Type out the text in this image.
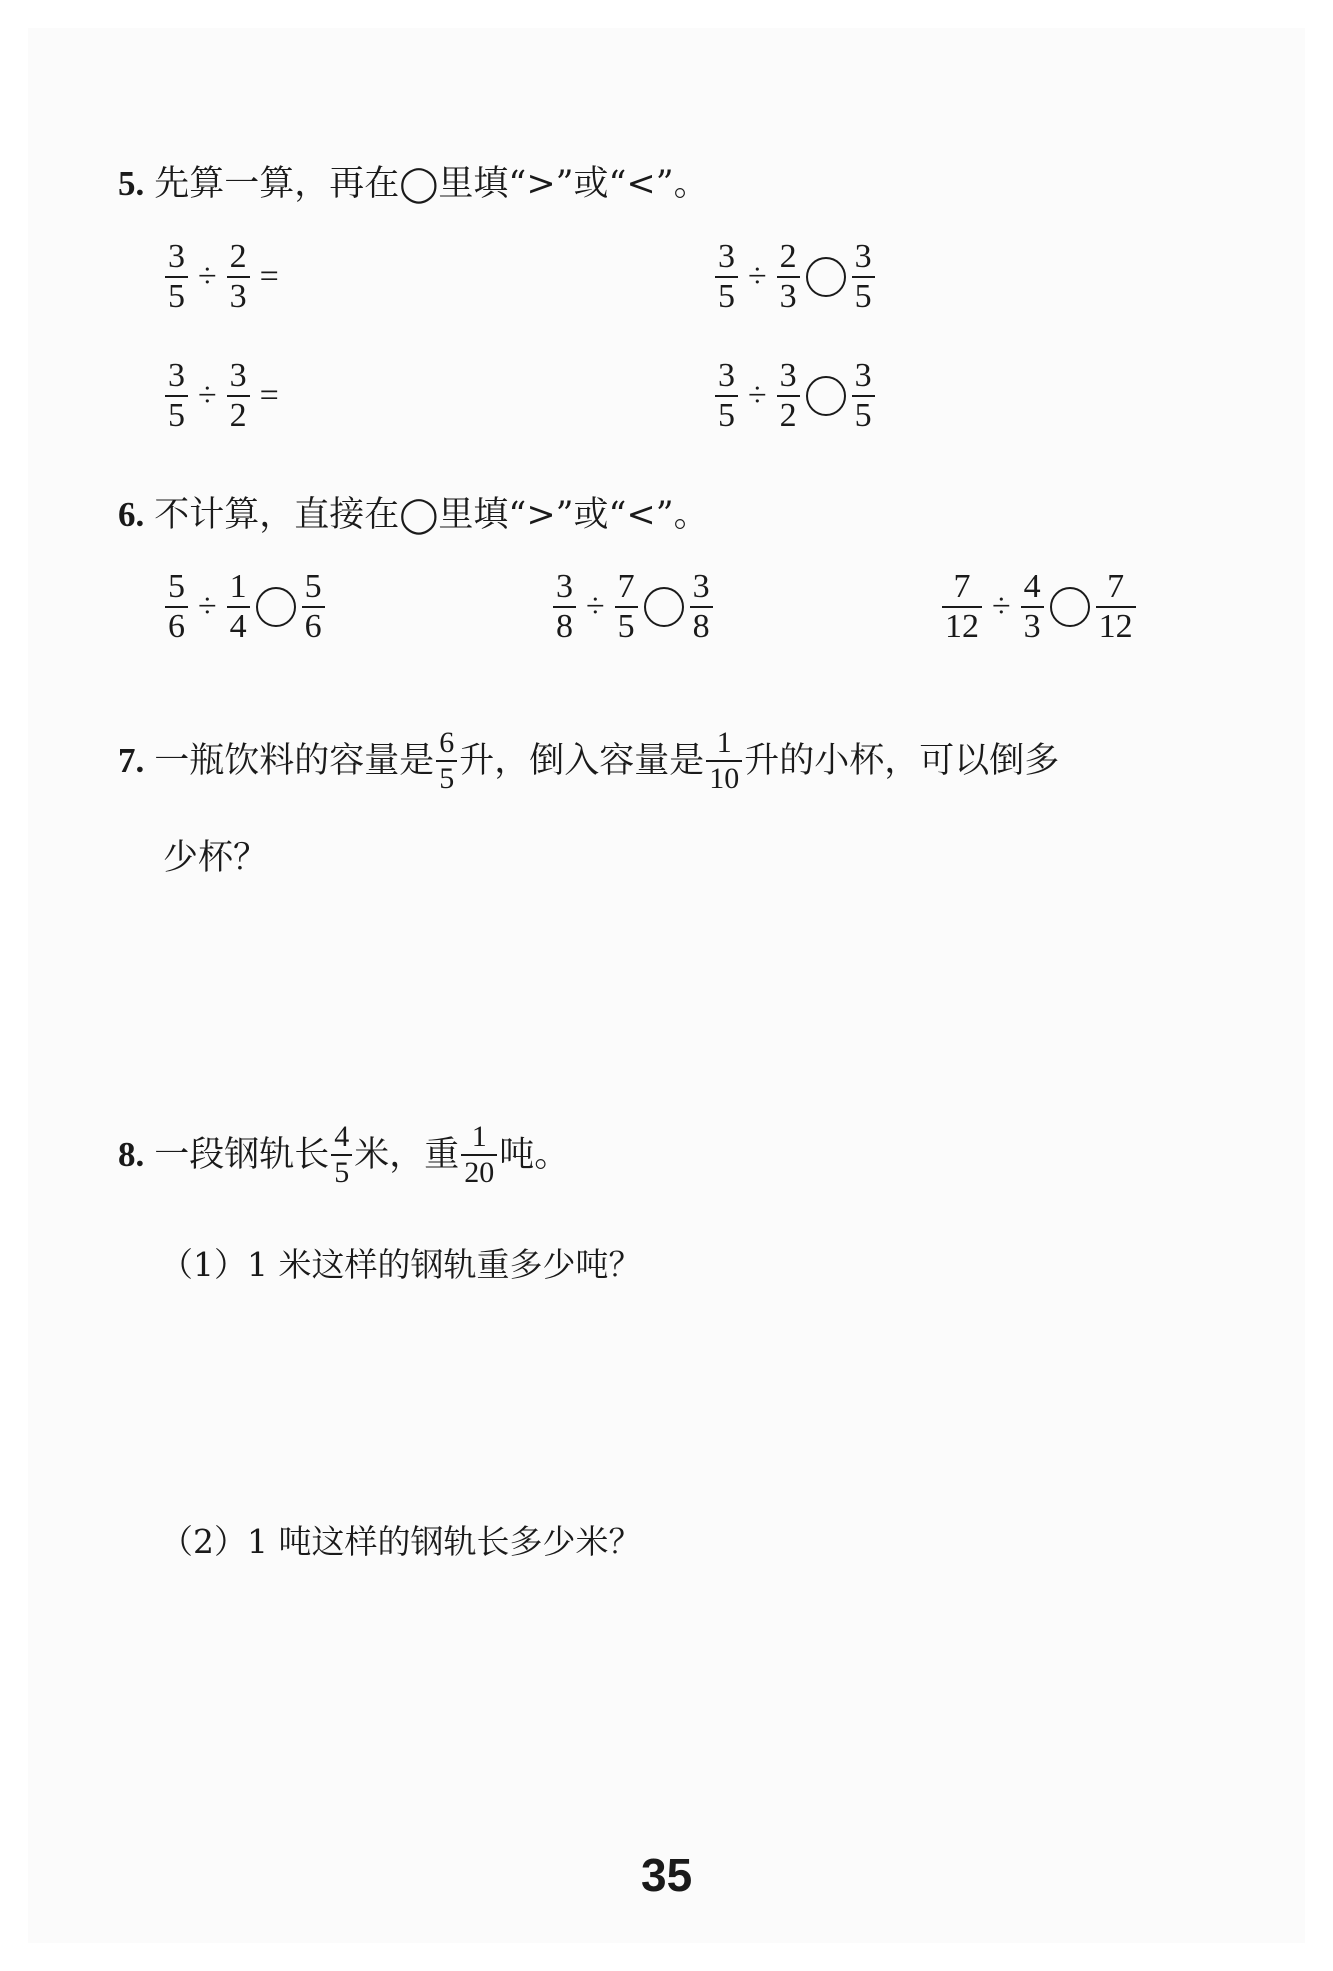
5. 先算一算，再在◯里填“>”或“<”。
$\frac{3}{5} \div \frac{2}{3}$ =	$\frac{3}{5} \div \frac{2}{3} \frac{3}{5}$
$\frac{3}{5} \div \frac{3}{2}$ =	$\frac{3}{5} \div \frac{3}{2} \frac{3}{5}$
6. 不计算，直接在◯里填“>”或“<”。
$\frac{5}{6} \div \frac{1}{4} \frac{5}{6}$	$\frac{3}{8} \div \frac{7}{5} \frac{3}{8}$	$\frac{7}{12} \div \frac{4}{3} \frac{7}{12}$
7. 一瓶饮料的容量是 $\frac{6}{5}$ 升，倒入容量是 $\frac{1}{10}$ 升的小杯，可以倒多
少杯？
8. 一段钢轨长 $\frac{4}{5}$ 米，重 $\frac{1}{20}$ 吨。
（1）1 米这样的钢轨重多少吨？
（2）1 吨这样的钢轨长多少米？
35
